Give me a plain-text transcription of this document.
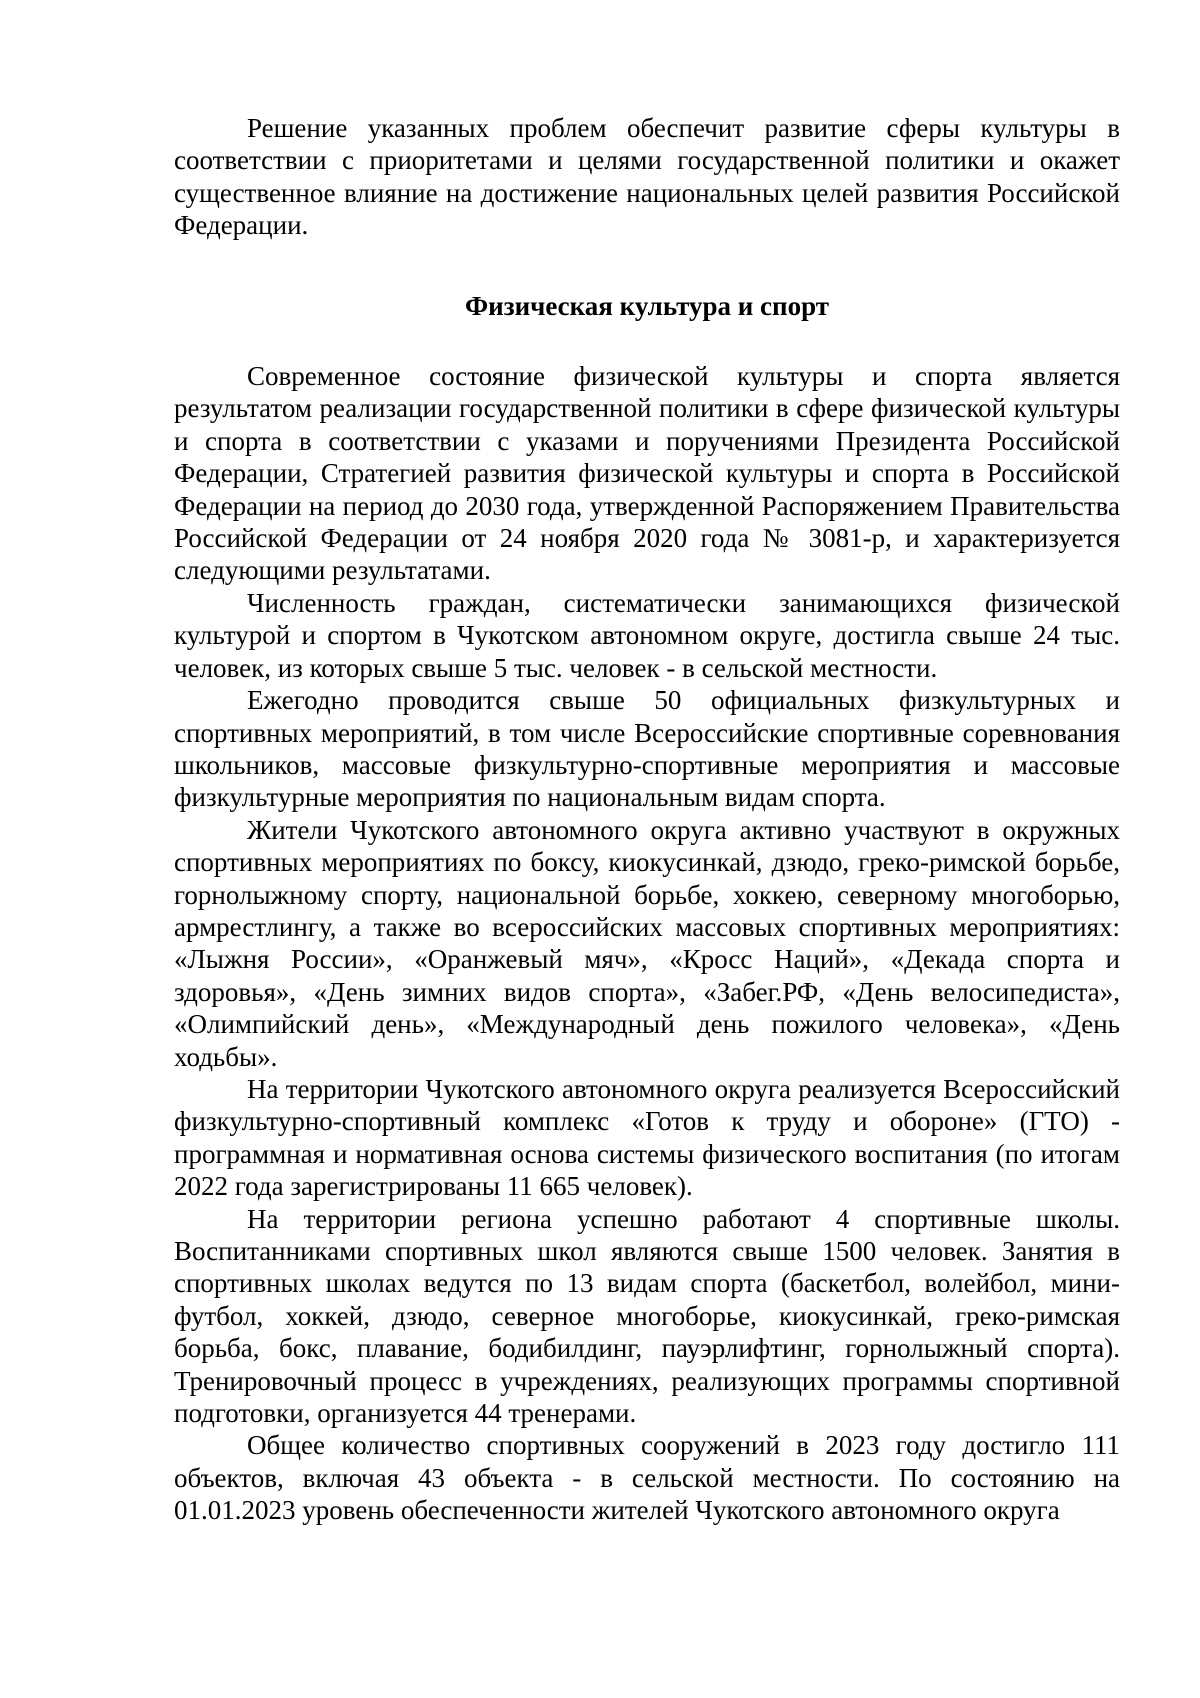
Решение указанных проблем обеспечит развитие сферы культуры в соответствии с приоритетами и целями государственной политики и окажет существенное влияние на достижение национальных целей развития Российской Федерации.

Физическая культура и спорт

Современное состояние физической культуры и спорта является результатом реализации государственной политики в сфере физической культуры и спорта в соответствии с указами и поручениями Президента Российской Федерации, Стратегией развития физической культуры и спорта в Российской Федерации на период до 2030 года, утвержденной Распоряжением Правительства Российской Федерации от 24 ноября 2020 года № 3081-р, и характеризуется следующими результатами.

Численность граждан, систематически занимающихся физической культурой и спортом в Чукотском автономном округе, достигла свыше 24 тыс. человек, из которых свыше 5 тыс. человек - в сельской местности.

Ежегодно проводится свыше 50 официальных физкультурных и спортивных мероприятий, в том числе Всероссийские спортивные соревнования школьников, массовые физкультурно-спортивные мероприятия и массовые физкультурные мероприятия по национальным видам спорта.

Жители Чукотского автономного округа активно участвуют в окружных спортивных мероприятиях по боксу, киокусинкай, дзюдо, греко-римской борьбе, горнолыжному спорту, национальной борьбе, хоккею, северному многоборью, армрестлингу, а также во всероссийских массовых спортивных мероприятиях: «Лыжня России», «Оранжевый мяч», «Кросс Наций», «Декада спорта и здоровья», «День зимних видов спорта», «Забег.РФ, «День велосипедиста», «Олимпийский день», «Международный день пожилого человека», «День ходьбы».

На территории Чукотского автономного округа реализуется Всероссийский физкультурно-спортивный комплекс «Готов к труду и обороне» (ГТО) - программная и нормативная основа системы физического воспитания (по итогам 2022 года зарегистрированы 11 665 человек).

На территории региона успешно работают 4 спортивные школы. Воспитанниками спортивных школ являются свыше 1500 человек. Занятия в спортивных школах ведутся по 13 видам спорта (баскетбол, волейбол, мини-футбол, хоккей, дзюдо, северное многоборье, киокусинкай, греко-римская борьба, бокс, плавание, бодибилдинг, пауэрлифтинг, горнолыжный спорта). Тренировочный процесс в учреждениях, реализующих программы спортивной подготовки, организуется 44 тренерами.

Общее количество спортивных сооружений в 2023 году достигло 111 объектов, включая 43 объекта - в сельской местности. По состоянию на 01.01.2023 уровень обеспеченности жителей Чукотского автономного округа
